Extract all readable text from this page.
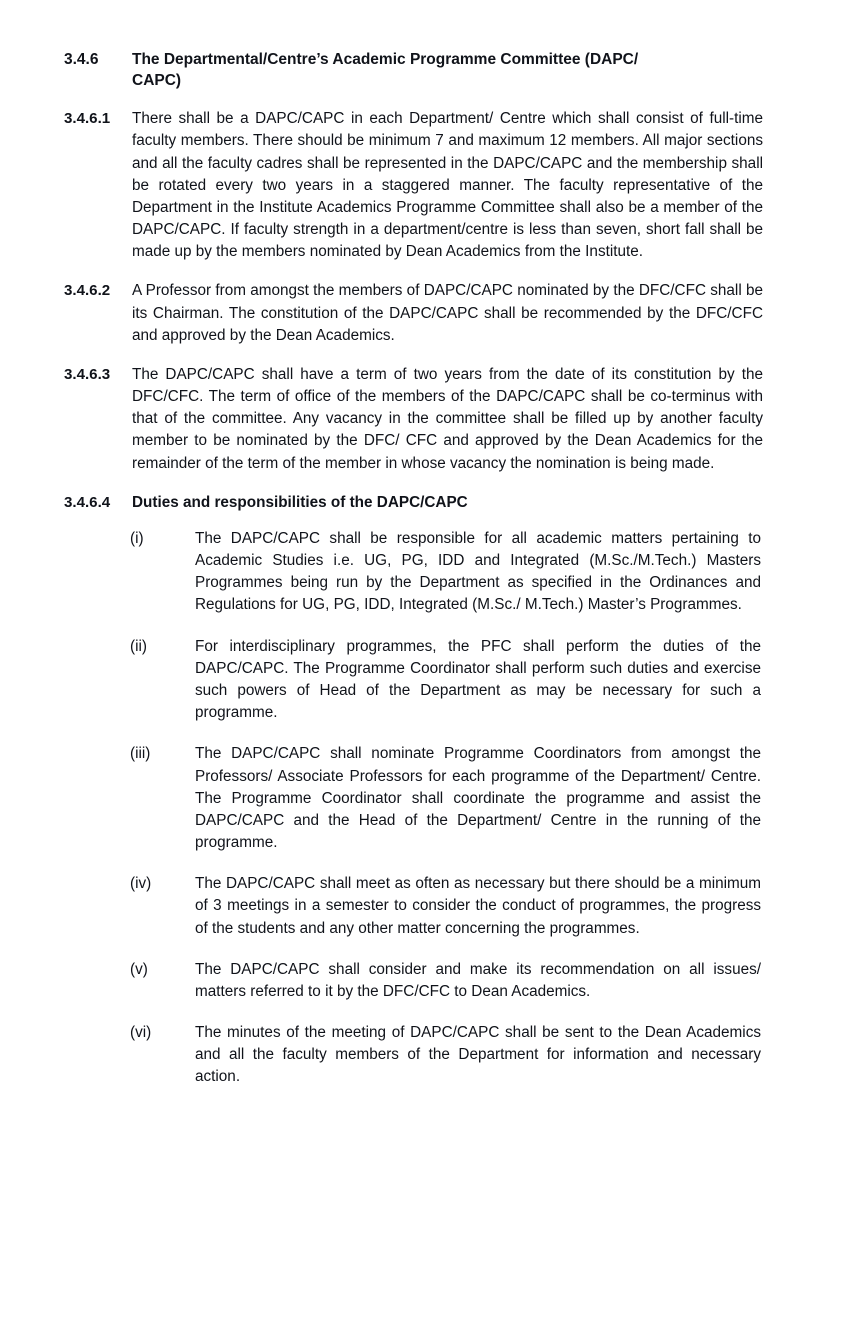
3.4.6	The Departmental/Centre’s Academic Programme Committee (DAPC/
CAPC)
3.4.6.1	There shall be a DAPC/CAPC in each Department/ Centre which shall consist of full-time faculty members. There should be minimum 7 and maximum 12 members. All major sections and all the faculty cadres shall be represented in the DAPC/CAPC and the membership shall be rotated every two years in a staggered manner. The faculty representative of the Department in the Institute Academics Programme Committee shall also be a member of the DAPC/CAPC. If faculty strength in a department/centre is less than seven, short fall shall be made up by the members nominated by Dean Academics from the Institute.
3.4.6.2	A Professor from amongst the members of DAPC/CAPC nominated by the DFC/CFC shall be its Chairman. The constitution of the DAPC/CAPC shall be recommended by the DFC/CFC and approved by the Dean Academics.
3.4.6.3	The DAPC/CAPC shall have a term of two years from the date of its constitution by the DFC/CFC. The term of office of the members of the DAPC/CAPC shall be co-terminus with that of the committee. Any vacancy in the committee shall be filled up by another faculty member to be nominated by the DFC/ CFC and approved by the Dean Academics for the remainder of the term of the member in whose vacancy the nomination is being made.
3.4.6.4	Duties and responsibilities of the DAPC/CAPC
(i)	The DAPC/CAPC shall be responsible for all academic matters pertaining to Academic Studies i.e. UG, PG, IDD and Integrated (M.Sc./M.Tech.) Masters Programmes being run by the Department as specified in the Ordinances and Regulations for UG, PG, IDD, Integrated (M.Sc./ M.Tech.) Master’s Programmes.
(ii)	For interdisciplinary programmes, the PFC shall perform the duties of the DAPC/CAPC. The Programme Coordinator shall perform such duties and exercise such powers of Head of the Department as may be necessary for such a programme.
(iii)	The DAPC/CAPC shall nominate Programme Coordinators from amongst the Professors/ Associate Professors for each programme of the Department/ Centre. The Programme Coordinator shall coordinate the programme and assist the DAPC/CAPC and the Head of the Department/ Centre in the running of the programme.
(iv)	The DAPC/CAPC shall meet as often as necessary but there should be a minimum of 3 meetings in a semester to consider the conduct of programmes, the progress of the students and any other matter concerning the programmes.
(v)	The DAPC/CAPC shall consider and make its recommendation on all issues/ matters referred to it by the DFC/CFC to Dean Academics.
(vi)	The minutes of the meeting of DAPC/CAPC shall be sent to the Dean Academics and all the faculty members of the Department for information and necessary action.
